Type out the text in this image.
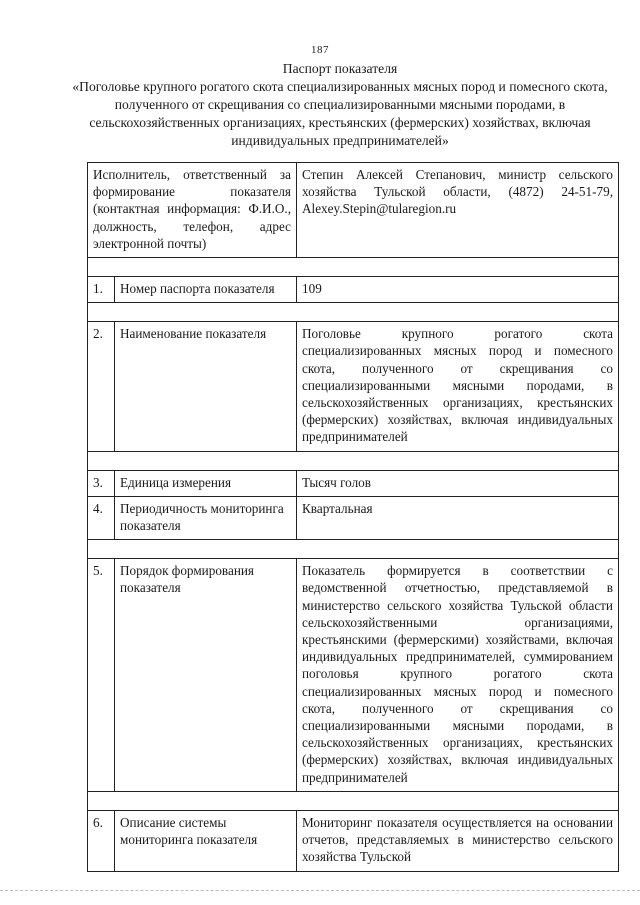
187
Паспорт показателя
«Поголовье крупного рогатого скота специализированных мясных пород и помесного скота, полученного от скрещивания со специализированными мясными породами, в сельскохозяйственных организациях, крестьянских (фермерских) хозяйствах, включая индивидуальных предпринимателей»
Исполнитель, ответственный за формирование показателя (контактная информация: Ф.И.О., должность, телефон, адрес электронной почты)		Степин Алексей Степанович, министр сельского хозяйства Тульской области, (4872) 24-51-79, Alexey.Stepin@tularegion.ru

1.	Номер паспорта показателя	109

2.	Наименование показателя	Поголовье крупного рогатого скота специализированных мясных пород и помесного скота, полученного от скрещивания со специализированными мясными породами, в сельскохозяйственных организациях, крестьянских (фермерских) хозяйствах, включая индивидуальных предпринимателей

3.	Единица измерения	Тысяч голов
4.	Периодичность мониторинга показателя	Квартальная

5.	Порядок формирования показателя	Показатель формируется в соответствии с ведомственной отчетностью, представляемой в министерство сельского хозяйства Тульской области сельскохозяйственными организациями, крестьянскими (фермерскими) хозяйствами, включая индивидуальных предпринимателей, суммированием поголовья крупного рогатого скота специализированных мясных пород и помесного скота, полученного от скрещивания со специализированными мясными породами, в сельскохозяйственных организациях, крестьянских (фермерских) хозяйствах, включая индивидуальных предпринимателей

6.	Описание системы мониторинга показателя	Мониторинг показателя осуществляется на основании отчетов, представляемых в министерство сельского хозяйства Тульской
